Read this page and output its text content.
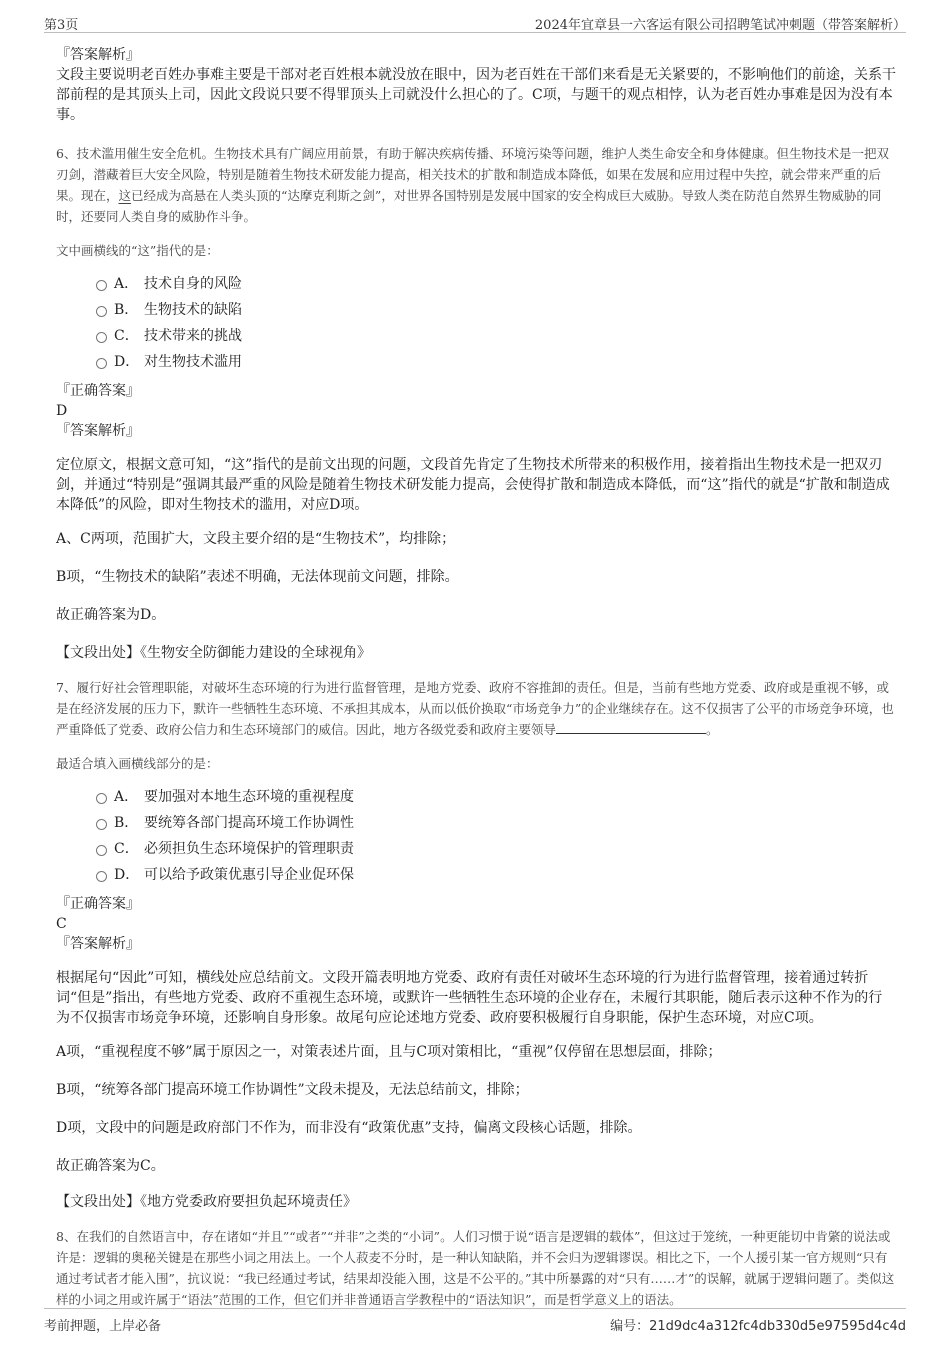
第3页	2024年宜章县一六客运有限公司招聘笔试冲刺题（带答案解析）
『答案解析』

文段主要说明老百姓办事难主要是干部对老百姓根本就没放在眼中，因为老百姓在干部们来看是无关紧要的，不影响他们的前途，关系干部前程的是其顶头上司，因此文段说只要不得罪顶头上司就没什么担心的了。C项，与题干的观点相悖，认为老百姓办事难是因为没有本事。

6、技术滥用催生安全危机。生物技术具有广阔应用前景，有助于解决疾病传播、环境污染等问题，维护人类生命安全和身体健康。但生物技术是一把双刃剑，潜藏着巨大安全风险，特别是随着生物技术研发能力提高，相关技术的扩散和制造成本降低，如果在发展和应用过程中失控，就会带来严重的后果。现在，这已经成为高悬在人类头顶的“达摩克利斯之剑”，对世界各国特别是发展中国家的安全构成巨大威胁。导致人类在防范自然界生物威胁的同时，还要同人类自身的威胁作斗争。

文中画横线的“这”指代的是：

A． 技术自身的风险
B． 生物技术的缺陷
C． 技术带来的挑战
D． 对生物技术滥用
『正确答案』
D
『答案解析』

定位原文，根据文意可知，“这”指代的是前文出现的问题，文段首先肯定了生物技术所带来的积极作用，接着指出生物技术是一把双刃剑，并通过“特别是”强调其最严重的风险是随着生物技术研发能力提高，会使得扩散和制造成本降低，而“这”指代的就是“扩散和制造成本降低”的风险，即对生物技术的滥用，对应D项。

A、C两项，范围扩大，文段主要介绍的是“生物技术”，均排除；

B项，“生物技术的缺陷”表述不明确，无法体现前文问题，排除。

故正确答案为D。

【文段出处】《生物安全防御能力建设的全球视角》

7、履行好社会管理职能，对破坏生态环境的行为进行监督管理，是地方党委、政府不容推卸的责任。但是，当前有些地方党委、政府或是重视不够，或是在经济发展的压力下，默许一些牺牲生态环境、不承担其成本，从而以低价换取“市场竞争力”的企业继续存在。这不仅损害了公平的市场竞争环境，也严重降低了党委、政府公信力和生态环境部门的威信。因此，地方各级党委和政府主要领导	。

最适合填入画横线部分的是：

A． 要加强对本地生态环境的重视程度
B． 要统筹各部门提高环境工作协调性
C． 必须担负生态环境保护的管理职责
D． 可以给予政策优惠引导企业促环保
『正确答案』
C
『答案解析』

根据尾句“因此”可知，横线处应总结前文。文段开篇表明地方党委、政府有责任对破坏生态环境的行为进行监督管理，接着通过转折词“但是”指出，有些地方党委、政府不重视生态环境，或默许一些牺牲生态环境的企业存在，未履行其职能，随后表示这种不作为的行为不仅损害市场竞争环境，还影响自身形象。故尾句应论述地方党委、政府要积极履行自身职能，保护生态环境，对应C项。

A项，“重视程度不够”属于原因之一，对策表述片面，且与C项对策相比，“重视”仅停留在思想层面，排除；

B项，“统筹各部门提高环境工作协调性”文段未提及，无法总结前文，排除；

D项，文段中的问题是政府部门不作为，而非没有“政策优惠”支持，偏离文段核心话题，排除。

故正确答案为C。

【文段出处】《地方党委政府要担负起环境责任》

8、在我们的自然语言中，存在诸如“并且”“或者”“并非”之类的“小词”。人们习惯于说“语言是逻辑的载体”，但这过于笼统，一种更能切中肯綮的说法或许是：逻辑的奥秘关键是在那些小词之用法上。一个人菽麦不分时，是一种认知缺陷，并不会归为逻辑谬误。相比之下，一个人援引某一官方规则“只有通过考试者才能入围”，抗议说：“我已经通过考试，结果却没能入围，这是不公平的。”其中所暴露的对“只有……才”的误解，就属于逻辑问题了。类似这样的小词之用或许属于“语法”范围的工作，但它们并非普通语言学教程中的“语法知识”，而是哲学意义上的语法。

考前押题，上岸必备	编号：21d9dc4a312fc4db330d5e97595d4c4d
